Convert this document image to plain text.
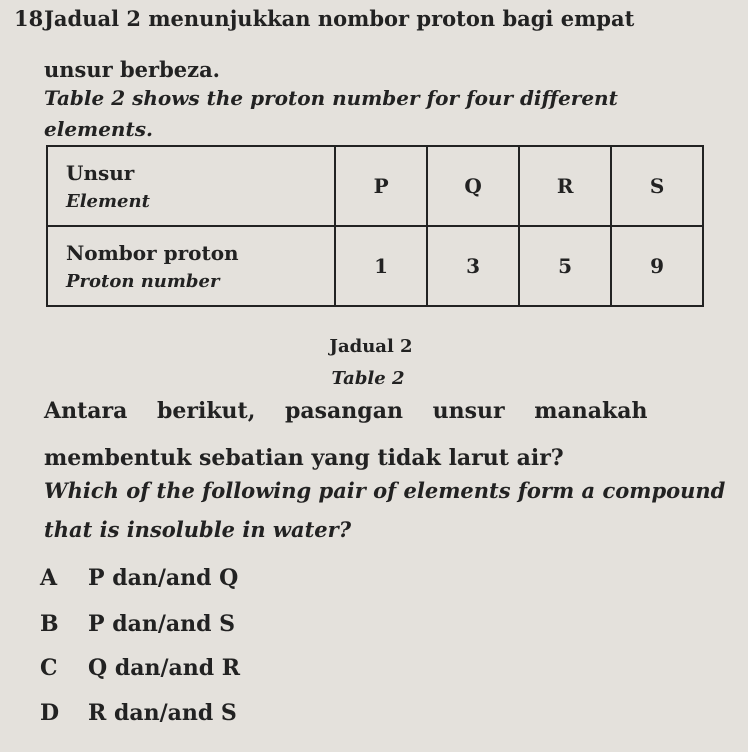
18 Jadual 2 menunjukkan nombor proton bagi empat
unsur berbeza.
Table 2 shows the proton number for four different
elements.
Unsur
Element	P	Q	R	S

Nombor proton
Proton number	1	3	5	9
Jadual 2
Table 2
Antara berikut, pasangan unsur manakah
membentuk sebatian yang tidak larut air?
Which of the following pair of elements form a compound
that is insoluble in water?
A P dan/and Q
B P dan/and S
C Q dan/and R
D R dan/and S
